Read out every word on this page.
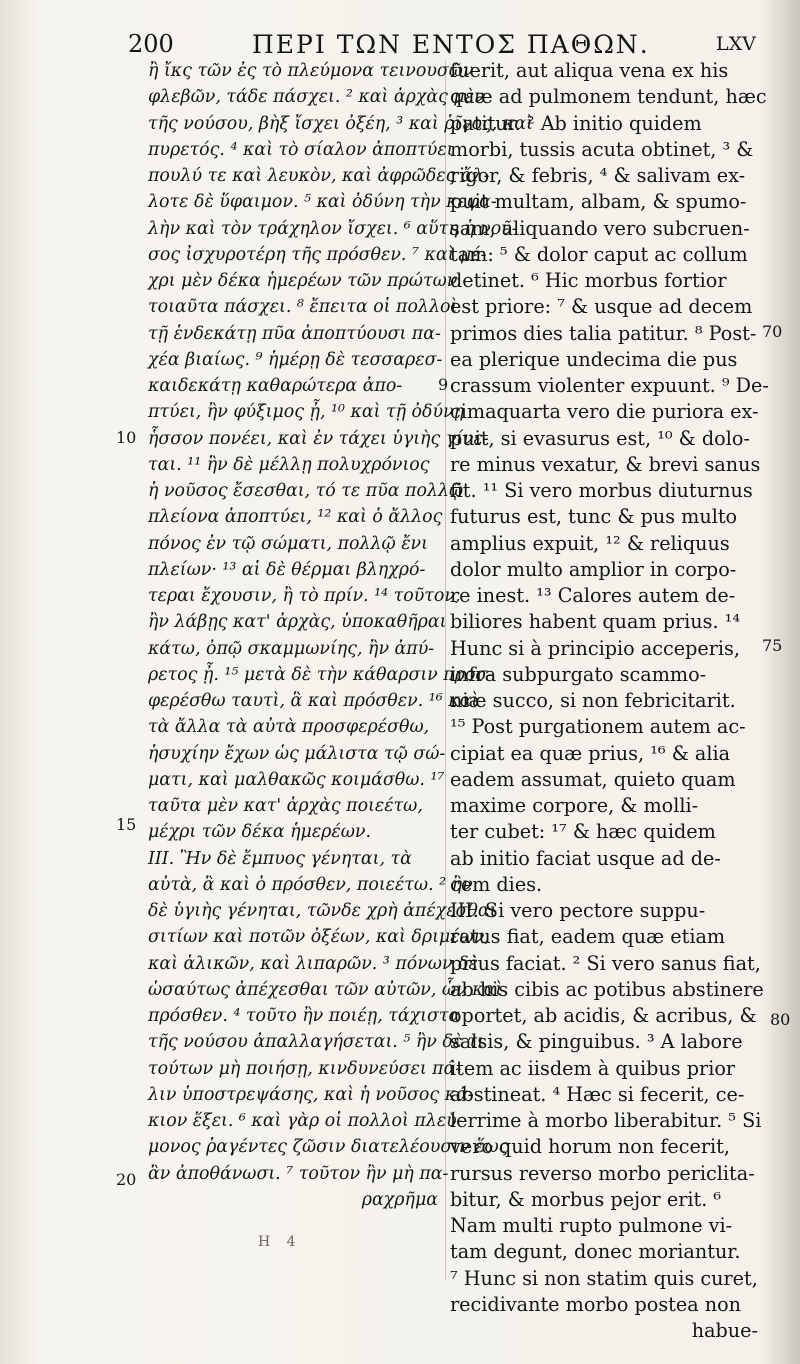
200	ΠΕΡΙ ΤΩΝ ΕΝΤΟΣ ΠΑΘΩΝ.	LXV
ἢ ἴκς τῶν ἐς τὸ πλεύμονα τεινουσῶν
φλεβῶν, τάδε πάσχει. ² καὶ ἀρχὰς μὲν
τῆς νούσου, βὴξ ἴσχει ὀξέη, ³ καὶ ῥῖγος, καὶ
πυρετός. ⁴ καὶ τὸ σίαλον ἀποπτύει
πουλύ τε καὶ λευκὸν, καὶ ἀφρῶδες ἄλ-
λοτε δὲ ὕφαιμον. ⁵ καὶ ὀδύνη τὴν κεφα-
λὴν καὶ τὸν τράχηλον ἴσχει. ⁶ αὕτη ἡ νοῦ-
σος ἰσχυροτέρη τῆς πρόσθεν. ⁷ καὶ μέ-
χρι μὲν δέκα ἡμερέων τῶν πρώτων
τοιαῦτα πάσχει. ⁸ ἔπειτα οἱ πολλοὶ
τῇ ἑνδεκάτῃ πῦα ἀποπτύουσι πα-
χέα βιαίως. ⁹ ἡμέρῃ δὲ τεσσαρεσ-
καιδεκάτῃ καθαρώτερα ἀπο-
πτύει, ἢν φύξιμος ᾖ, ¹⁰ καὶ τῇ ὀδύνῃ
ἧσσον πονέει, καὶ ἐν τάχει ὑγιὴς γίνε-
ται. ¹¹ ἢν δὲ μέλλῃ πολυχρόνιος
ἡ νοῦσος ἔσεσθαι, τό τε πῦα πολλῷ
πλείονα ἀποπτύει, ¹² καὶ ὁ ἄλλος
πόνος ἐν τῷ σώματι, πολλῷ ἔνι
πλείων· ¹³ αἱ δὲ θέρμαι βληχρό-
τεραι ἔχουσιν, ἢ τὸ πρίν. ¹⁴ τοῦτον,
ἢν λάβῃς κατ' ἀρχὰς, ὑποκαθῆραι
κάτω, ὀπῷ σκαμμωνίης, ἢν ἀπύ-
ρετος ᾖ. ¹⁵ μετὰ δὲ τὴν κάθαρσιν προσ-
φερέσθω ταυτὶ, ἃ καὶ πρόσθεν. ¹⁶ καὶ
τὰ ἄλλα τὰ αὐτὰ προσφερέσθω,
ἡσυχίην ἔχων ὡς μάλιστα τῷ σώ-
ματι, καὶ μαλθακῶς κοιμάσθω. ¹⁷
ταῦτα μὲν κατ' ἀρχὰς ποιεέτω,
μέχρι τῶν δέκα ἡμερέων.
III. Ἢν δὲ ἔμπυος γένηται, τὰ
αὐτὰ, ἃ καὶ ὁ πρόσθεν, ποιεέτω. ² ἢν
δὲ ὑγιὴς γένηται, τῶνδε χρὴ ἀπέχεσθαι
σιτίων καὶ ποτῶν ὀξέων, καὶ δριμέων,
καὶ ἁλικῶν, καὶ λιπαρῶν. ³ πόνων δὲ
ὡσαύτως ἀπέχεσθαι τῶν αὐτῶν, ὧν καὶ
πρόσθεν. ⁴ τοῦτο ἢν ποιέῃ, τάχιστα
τῆς νούσου ἀπαλλαγήσεται. ⁵ ἢν δὲ τι
τούτων μὴ ποιήσῃ, κινδυνεύσει πά-
λιν ὑποστρεψάσης, καὶ ἡ νοῦσος κά-
κιον ἕξει. ⁶ καὶ γὰρ οἱ πολλοὶ πλεύ-
μονος ῥαγέντες ζῶσιν διατελέουσιν ἕως
ἂν ἀποθάνωσι. ⁷ τοῦτον ἢν μὴ πα-
ραχρῆμα
fuerit, aut aliqua vena ex his
quæ ad pulmonem tendunt, hæc
patitur. ² Ab initio quidem
morbi, tussis acuta obtinet, ³ &
rigor, & febris, ⁴ & salivam ex-
puit multam, albam, & spumo-
sam, aliquando vero subcruen-
tam: ⁵ & dolor caput ac collum
detinet. ⁶ Hic morbus fortior
est priore: ⁷ & usque ad decem
primos dies talia patitur. ⁸ Post-
ea plerique undecima die pus
crassum violenter expuunt. ⁹ De-
cimaquarta vero die puriora ex-
puit, si evasurus est, ¹⁰ & dolo-
re minus vexatur, & brevi sanus
fit. ¹¹ Si vero morbus diuturnus
futurus est, tunc & pus multo
amplius expuit, ¹² & reliquus
dolor multo amplior in corpo-
re inest. ¹³ Calores autem de-
biliores habent quam prius. ¹⁴
Hunc si à principio acceperis,
infra subpurgato scammo-
niæ succo, si non febricitarit.
¹⁵ Post purgationem autem ac-
cipiat ea quæ prius, ¹⁶ & alia
eadem assumat, quieto quam
maxime corpore, & molli-
ter cubet: ¹⁷ & hæc quidem
ab initio faciat usque ad de-
cem dies.
III. Si vero pectore suppu-
ratus fiat, eadem quæ etiam
prius faciat. ² Si vero sanus fiat,
ab his cibis ac potibus abstinere
oportet, ab acidis, & acribus, &
salsis, & pinguibus. ³ A labore
item ac iisdem à quibus prior
abstineat. ⁴ Hæc si fecerit, ce-
lerrime à morbo liberabitur. ⁵ Si
vero quid horum non fecerit,
rursus reverso morbo periclita-
bitur, & morbus pejor erit. ⁶
Nam multi rupto pulmone vi-
tam degunt, donec moriantur.
⁷ Hunc si non statim quis curet,
recidivante morbo postea non
habue-
9
10
15
20
70
75
80
H 4
